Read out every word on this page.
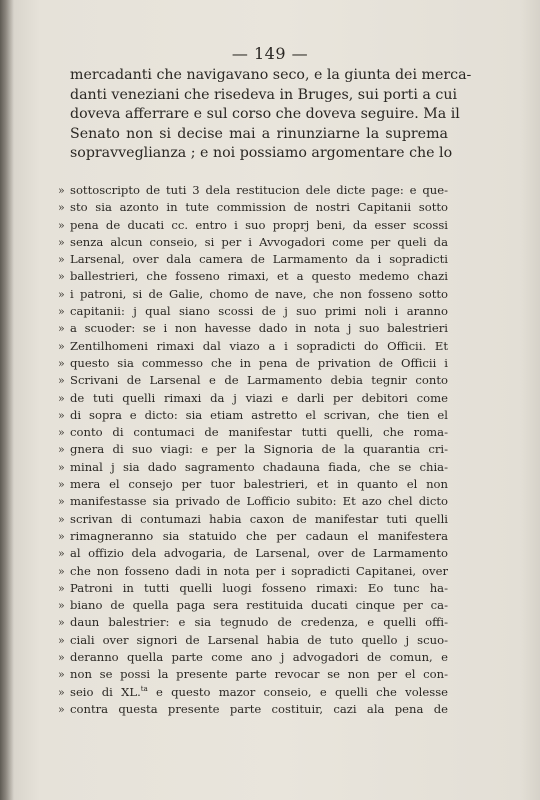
— 149 —
mercadanti che navigavano seco, e la giunta dei merca-
danti veneziani che risedeva in Bruges, sui porti a cui
doveva afferrare e sul corso che doveva seguire. Ma il
Senato non si decise mai a rinunziarne la suprema
sopravveglianza ; e noi possiamo argomentare che lo
» sottoscripto de tuti 3 dela restitucion dele dicte page: e que-
» sto sia azonto in tute commission de nostri Capitanii sotto
» pena de ducati cc. entro i suo proprj beni, da esser scossi
» senza alcun conseio, si per i Avvogadori come per queli da
» Larsenal, over dala camera de Larmamento da i sopradicti
» ballestrieri, che fosseno rimaxi, et a questo medemo chazi
» i patroni, si de Galie, chomo de nave, che non fosseno sotto
» capitanii: j qual siano scossi de j suo primi noli i aranno
» a scuoder: se i non havesse dado in nota j suo balestrieri
» Zentilhomeni rimaxi dal viazo a i sopradicti do Officii. Et
» questo sia commesso che in pena de privation de Officii i
» Scrivani de Larsenal e de Larmamento debia tegnir conto
» de tuti quelli rimaxi da j viazi e darli per debitori come
» di sopra e dicto: sia etiam astretto el scrivan, che tien el
» conto di contumaci de manifestar tutti quelli, che roma-
» gnera di suo viagi: e per la Signoria de la quarantia cri-
» minal j sia dado sagramento chadauna fiada, che se chia-
» mera el consejo per tuor balestrieri, et in quanto el non
» manifestasse sia privado de Lofficio subito: Et azo chel dicto
» scrivan di contumazi habia caxon de manifestar tuti quelli
» rimagneranno sia statuido che per cadaun el manifestera
» al offizio dela advogaria, de Larsenal, over de Larmamento
» che non fosseno dadi in nota per i sopradicti Capitanei, over
» Patroni in tutti quelli luogi fosseno rimaxi: Eo tunc ha-
» biano de quella paga sera restituida ducati cinque per ca-
» daun balestrier: e sia tegnudo de credenza, e quelli offi-
» ciali over signori de Larsenal habia de tuto quello j scuo-
» deranno quella parte come ano j advogadori de comun, e
» non se possi la presente parte revocar se non per el con-
» seio di XL.$^{ta}$ e questo mazor conseio, e quelli che volesse
» contra questa presente parte costituir, cazi ala pena de
